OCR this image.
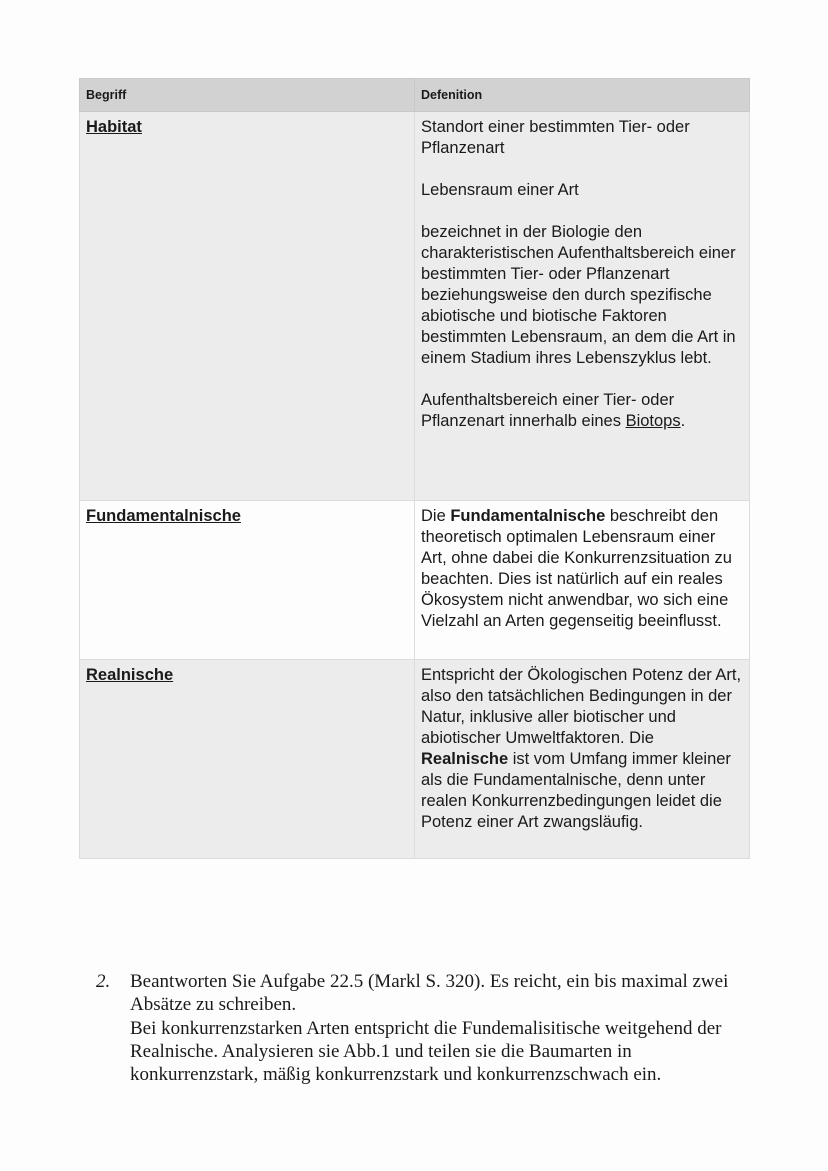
Begriff	Defenition
Habitat	Standort einer bestimmten Tier- oder Pflanzenart

Lebensraum einer Art

bezeichnet in der Biologie den charakteristischen Aufenthaltsbereich einer bestimmten Tier- oder Pflanzenart beziehungsweise den durch spezifische abiotische und biotische Faktoren bestimmten Lebensraum, an dem die Art in einem Stadium ihres Lebenszyklus lebt.

Aufenthaltsbereich einer Tier- oder Pflanzenart innerhalb eines Biotops.

Fundamentalnische	Die Fundamentalnische beschreibt den theoretisch optimalen Lebensraum einer Art, ohne dabei die Konkurrenzsituation zu beachten. Dies ist natürlich auf ein reales Ökosystem nicht anwendbar, wo sich eine Vielzahl an Arten gegenseitig beeinflusst.

Realnische	Entspricht der Ökologischen Potenz der Art, also den tatsächlichen Bedingungen in der Natur, inklusive aller biotischer und abiotischer Umweltfaktoren. Die Realnische ist vom Umfang immer kleiner als die Fundamentalnische, denn unter realen Konkurrenzbedingungen leidet die Potenz einer Art zwangsläufig.

2. Beantworten Sie Aufgabe 22.5 (Markl S. 320). Es reicht, ein bis maximal zwei Absätze zu schreiben.
Bei konkurrenzstarken Arten entspricht die Fundemalisitische weitgehend der Realnische. Analysieren sie Abb.1 und teilen sie die Baumarten in konkurrenzstark, mäßig konkurrenzstark und konkurrenzschwach ein.
